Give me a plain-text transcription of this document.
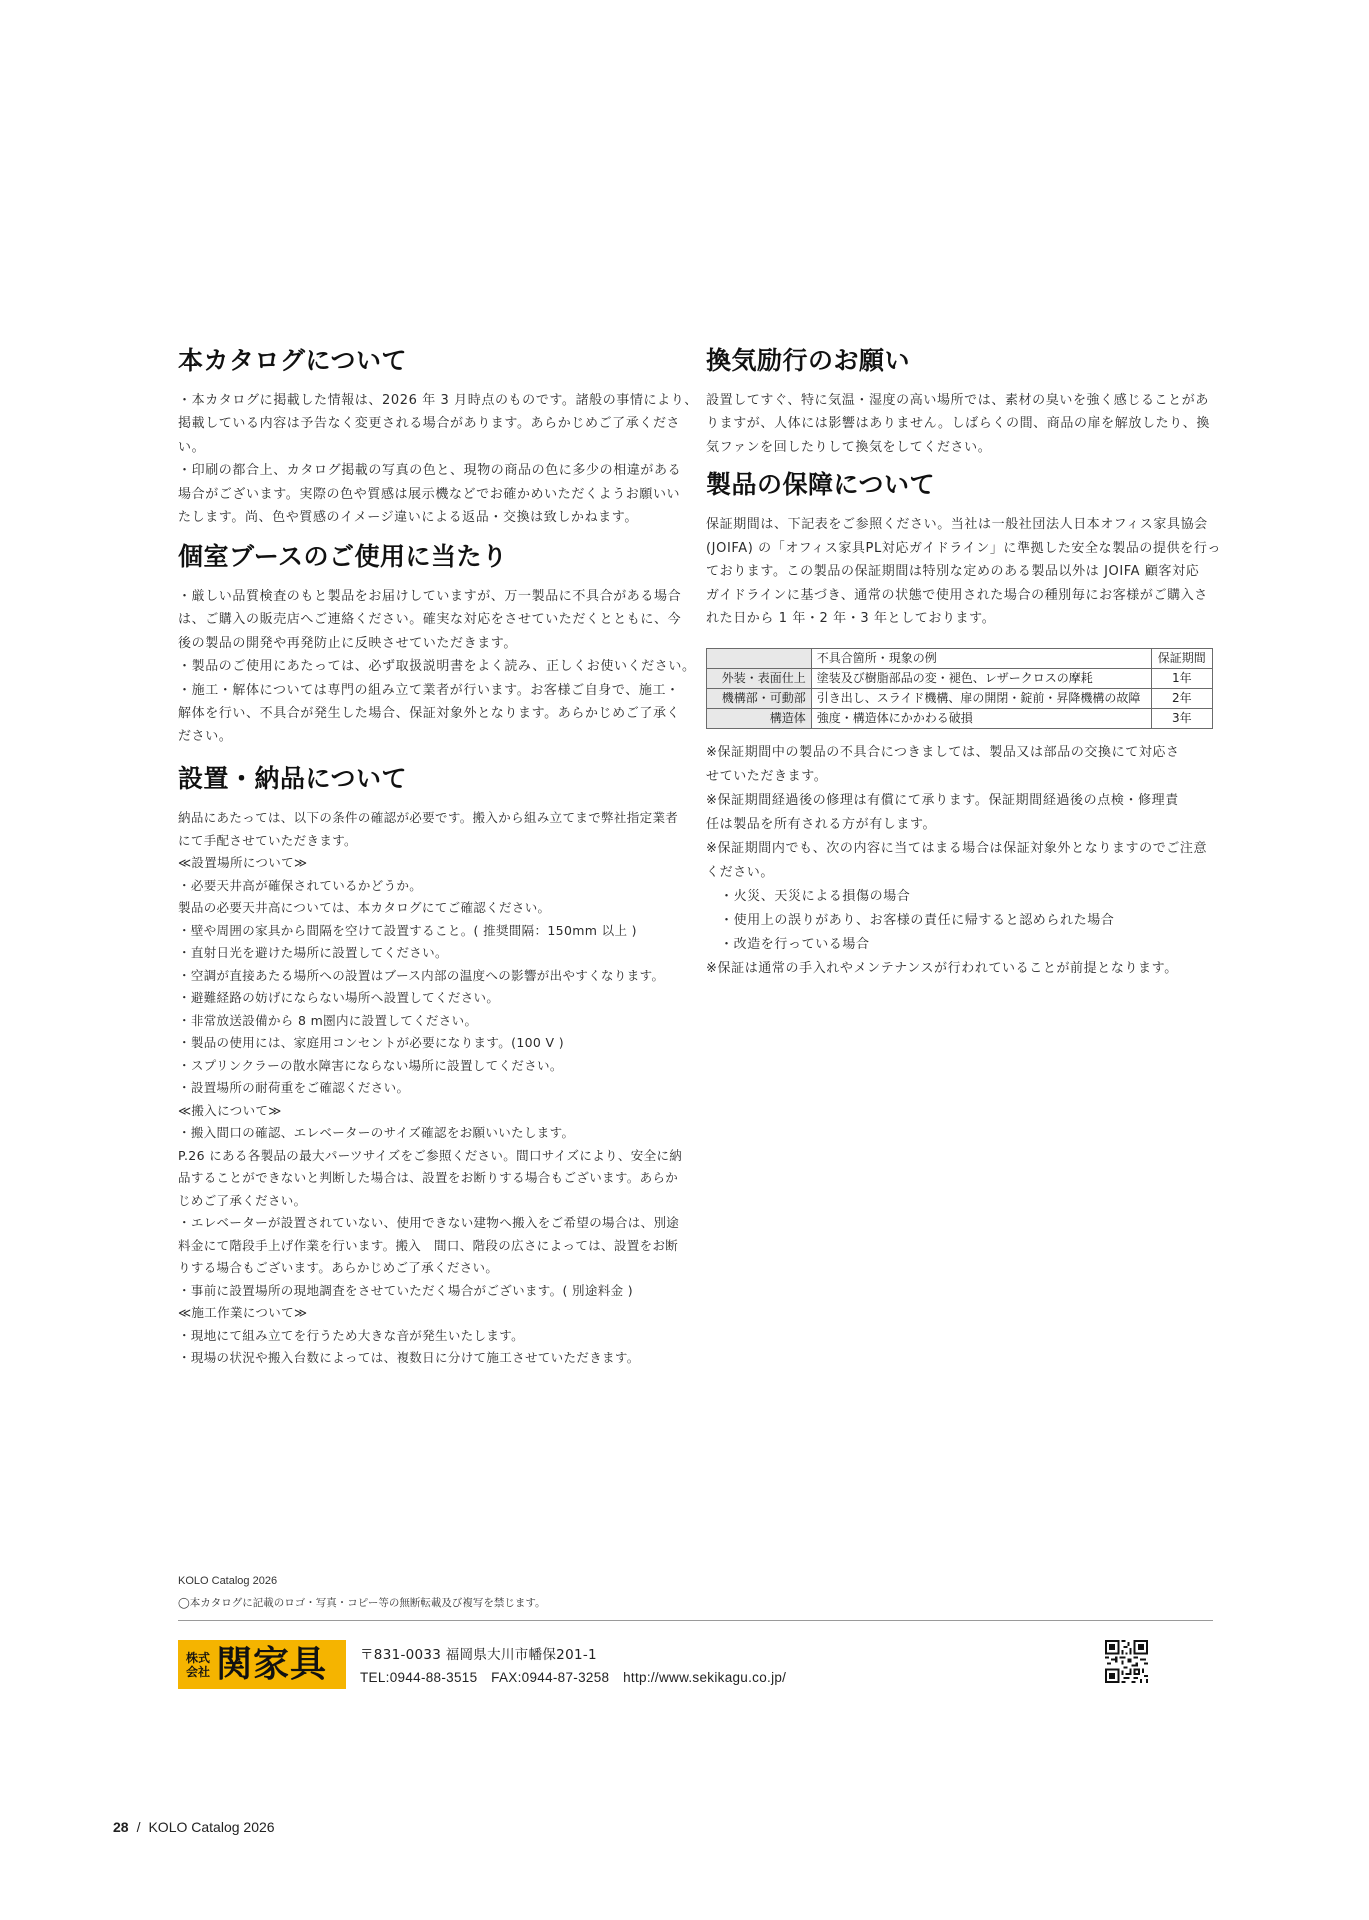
本カタログについて
・本カタログに掲載した情報は、2026 年 3 月時点のものです。諸般の事情により、
掲載している内容は予告なく変更される場合があります。あらかじめご了承くださ
い。
・印刷の都合上、カタログ掲載の写真の色と、現物の商品の色に多少の相違がある
場合がございます。実際の色や質感は展示機などでお確かめいただくようお願いい
たします。尚、色や質感のイメージ違いによる返品・交換は致しかねます。
個室ブースのご使用に当たり
・厳しい品質検査のもと製品をお届けしていますが、万一製品に不具合がある場合
は、ご購入の販売店へご連絡ください。確実な対応をさせていただくとともに、今
後の製品の開発や再発防止に反映させていただきます。
・製品のご使用にあたっては、必ず取扱説明書をよく読み、正しくお使いください。
・施工・解体については専門の組み立て業者が行います。お客様ご自身で、施工・
解体を行い、不具合が発生した場合、保証対象外となります。あらかじめご了承く
ださい。
設置・納品について
納品にあたっては、以下の条件の確認が必要です。搬入から組み立てまで弊社指定業者
にて手配させていただきます。
≪設置場所について≫
・必要天井高が確保されているかどうか。
製品の必要天井高については、本カタログにてご確認ください。
・壁や周囲の家具から間隔を空けて設置すること。( 推奨間隔：150mm 以上 )
・直射日光を避けた場所に設置してください。
・空調が直接あたる場所への設置はブース内部の温度への影響が出やすくなります。
・避難経路の妨げにならない場所へ設置してください。
・非常放送設備から 8 m圏内に設置してください。
・製品の使用には、家庭用コンセントが必要になります。(100 V )
・スプリンクラーの散水障害にならない場所に設置してください。
・設置場所の耐荷重をご確認ください。
≪搬入について≫
・搬入間口の確認、エレベーターのサイズ確認をお願いいたします。
P.26 にある各製品の最大パーツサイズをご参照ください。間口サイズにより、安全に納
品することができないと判断した場合は、設置をお断りする場合もございます。あらか
じめご了承ください。
・エレベーターが設置されていない、使用できない建物へ搬入をご希望の場合は、別途
料金にて階段手上げ作業を行います。搬入　間口、階段の広さによっては、設置をお断
りする場合もございます。あらかじめご了承ください。
・事前に設置場所の現地調査をさせていただく場合がございます。( 別途料金 )
≪施工作業について≫
・現地にて組み立てを行うため大きな音が発生いたします。
・現場の状況や搬入台数によっては、複数日に分けて施工させていただきます。
換気励行のお願い
設置してすぐ、特に気温・湿度の高い場所では、素材の臭いを強く感じることがあ
りますが、人体には影響はありません。しばらくの間、商品の扉を解放したり、換
気ファンを回したりして換気をしてください。
製品の保障について
保証期間は、下記表をご参照ください。当社は一般社団法人日本オフィス家具協会
(JOIFA) の「オフィス家具PL対応ガイドライン」に準拠した安全な製品の提供を行っ
ております。この製品の保証期間は特別な定めのある製品以外は JOIFA 顧客対応
ガイドラインに基づき、通常の状態で使用された場合の種別毎にお客様がご購入さ
れた日から 1 年・2 年・3 年としております。
	不具合箇所・現象の例	保証期間
外装・表面仕上	塗装及び樹脂部品の変・褪色、レザークロスの摩耗	1年
機構部・可動部	引き出し、スライド機構、扉の開閉・錠前・昇降機構の故障	2年
構造体	強度・構造体にかかわる破損	3年
※保証期間中の製品の不具合につきましては、製品又は部品の交換にて対応さ
せていただきます。
※保証期間経過後の修理は有償にて承ります。保証期間経過後の点検・修理責
任は製品を所有される方が有します。
※保証期間内でも、次の内容に当てはまる場合は保証対象外となりますのでご注意
ください。
・火災、天災による損傷の場合
・使用上の誤りがあり、お客様の責任に帰すると認められた場合
・改造を行っている場合
※保証は通常の手入れやメンテナンスが行われていることが前提となります。
KOLO Catalog 2026
◯本カタログに記載のロゴ・写真・コピー等の無断転載及び複写を禁じます。
株式
会社 関家具 〒831-0033 福岡県大川市幡保201-1
TEL:0944-88-3515　FAX:0944-87-3258　http://www.sekikagu.co.jp/
28 / KOLO Catalog 2026
